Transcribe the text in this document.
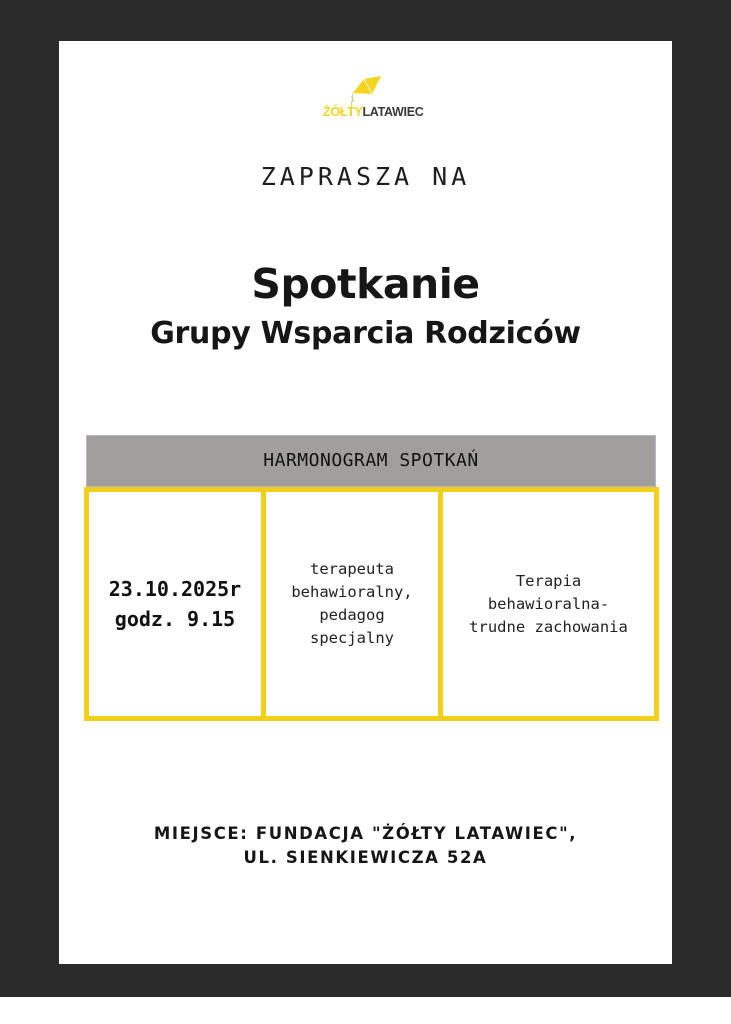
ŻÓŁTYLATAWIEC
ZAPRASZA NA
Spotkanie
Grupy Wsparcia Rodziców
HARMONOGRAM SPOTKAŃ
23.10.2025r
godz. 9.15
terapeuta
behawioralny,
pedagog
specjalny
Terapia
behawioralna-
trudne zachowania
MIEJSCE: FUNDACJA "ŻÓŁTY LATAWIEC",
UL. SIENKIEWICZA 52A
